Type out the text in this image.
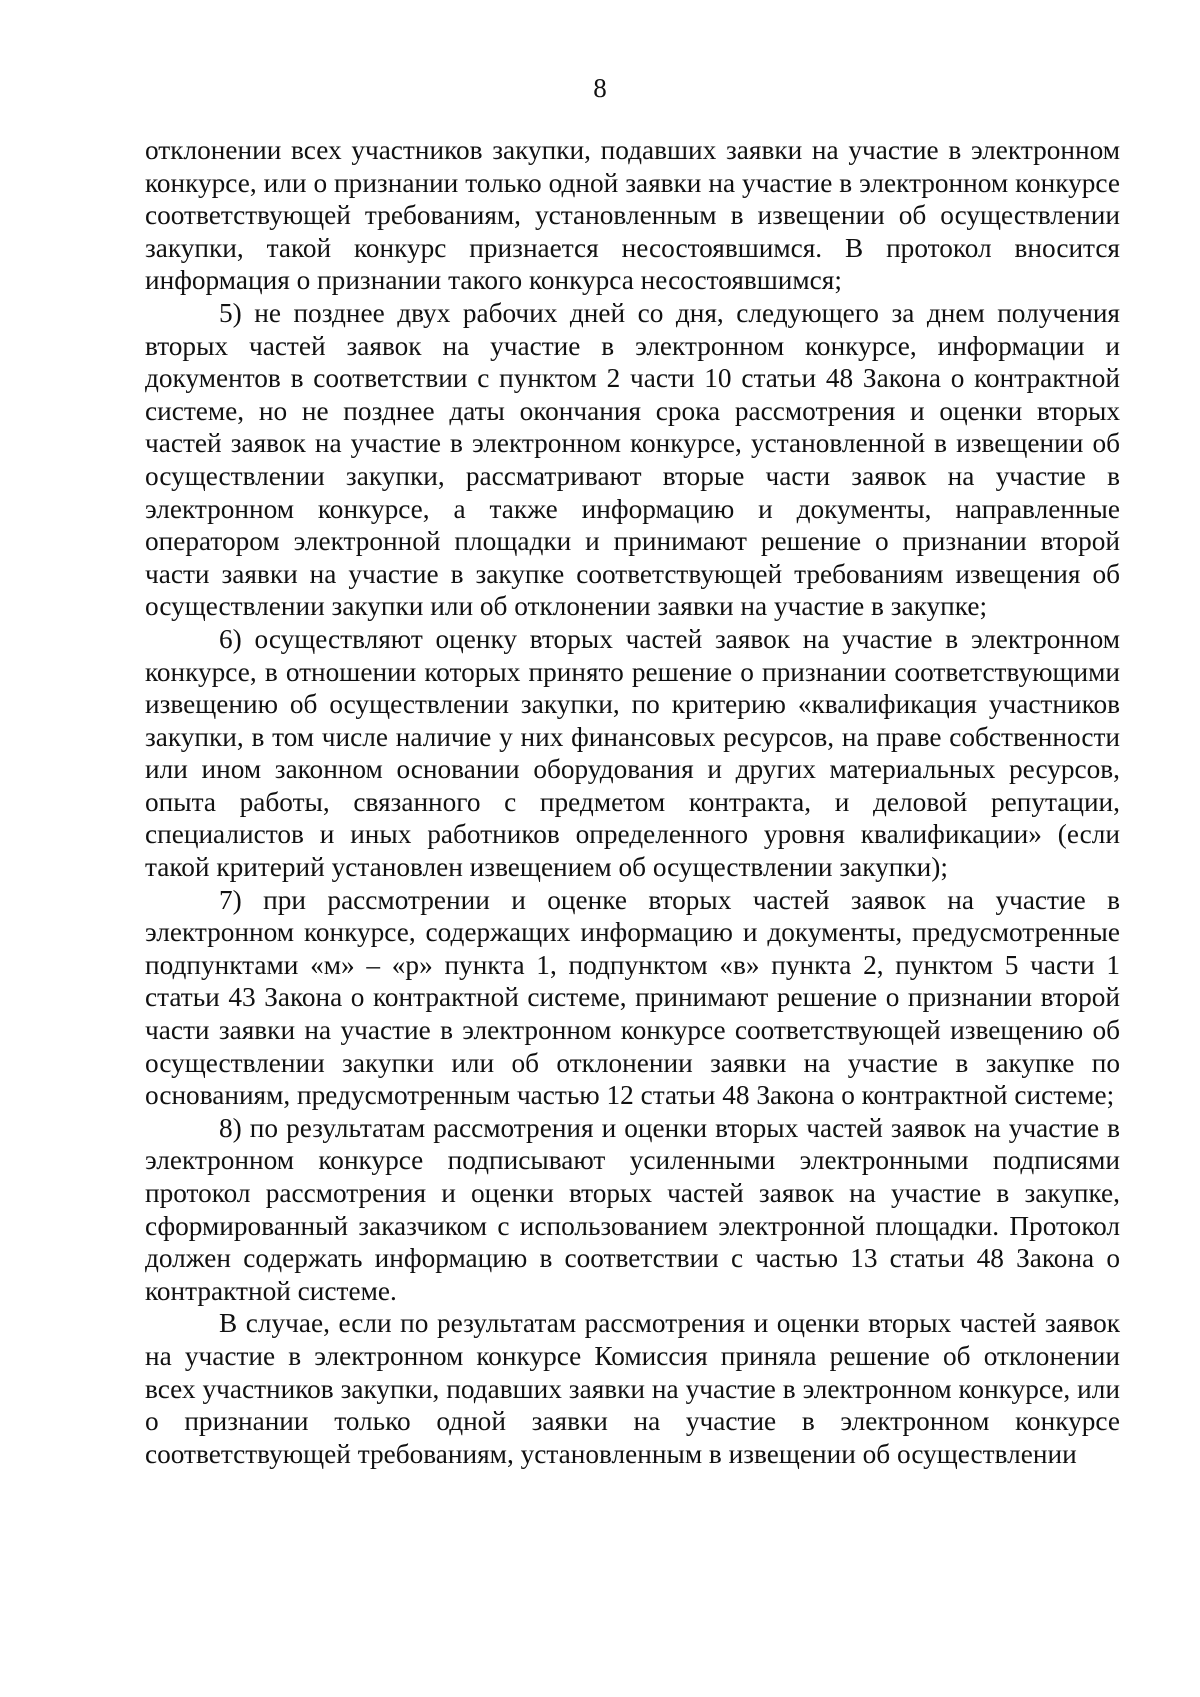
8

отклонении всех участников закупки, подавших заявки на участие в электронном конкурсе, или о признании только одной заявки на участие в электронном конкурсе соответствующей требованиям, установленным в извещении об осуществлении закупки, такой конкурс признается несостоявшимся. В протокол вносится информация о признании такого конкурса несостоявшимся;

5) не позднее двух рабочих дней со дня, следующего за днем получения вторых частей заявок на участие в электронном конкурсе, информации и документов в соответствии с пунктом 2 части 10 статьи 48 Закона о контрактной системе, но не позднее даты окончания срока рассмотрения и оценки вторых частей заявок на участие в электронном конкурсе, установленной в извещении об осуществлении закупки, рассматривают вторые части заявок на участие в электронном конкурсе, а также информацию и документы, направленные оператором электронной площадки и принимают решение о признании второй части заявки на участие в закупке соответствующей требованиям извещения об осуществлении закупки или об отклонении заявки на участие в закупке;

6) осуществляют оценку вторых частей заявок на участие в электронном конкурсе, в отношении которых принято решение о признании соответствующими извещению об осуществлении закупки, по критерию «квалификация участников закупки, в том числе наличие у них финансовых ресурсов, на праве собственности или ином законном основании оборудования и других материальных ресурсов, опыта работы, связанного с предметом контракта, и деловой репутации, специалистов и иных работников определенного уровня квалификации» (если такой критерий установлен извещением об осуществлении закупки);

7) при рассмотрении и оценке вторых частей заявок на участие в электронном конкурсе, содержащих информацию и документы, предусмотренные подпунктами «м» – «р» пункта 1, подпунктом «в» пункта 2, пунктом 5 части 1 статьи 43 Закона о контрактной системе, принимают решение о признании второй части заявки на участие в электронном конкурсе соответствующей извещению об осуществлении закупки или об отклонении заявки на участие в закупке по основаниям, предусмотренным частью 12 статьи 48 Закона о контрактной системе;

8) по результатам рассмотрения и оценки вторых частей заявок на участие в электронном конкурсе подписывают усиленными электронными подписями протокол рассмотрения и оценки вторых частей заявок на участие в закупке, сформированный заказчиком с использованием электронной площадки. Протокол должен содержать информацию в соответствии с частью 13 статьи 48 Закона о контрактной системе.

В случае, если по результатам рассмотрения и оценки вторых частей заявок на участие в электронном конкурсе Комиссия приняла решение об отклонении всех участников закупки, подавших заявки на участие в электронном конкурсе, или о признании только одной заявки на участие в электронном конкурсе соответствующей требованиям, установленным в извещении об осуществлении
